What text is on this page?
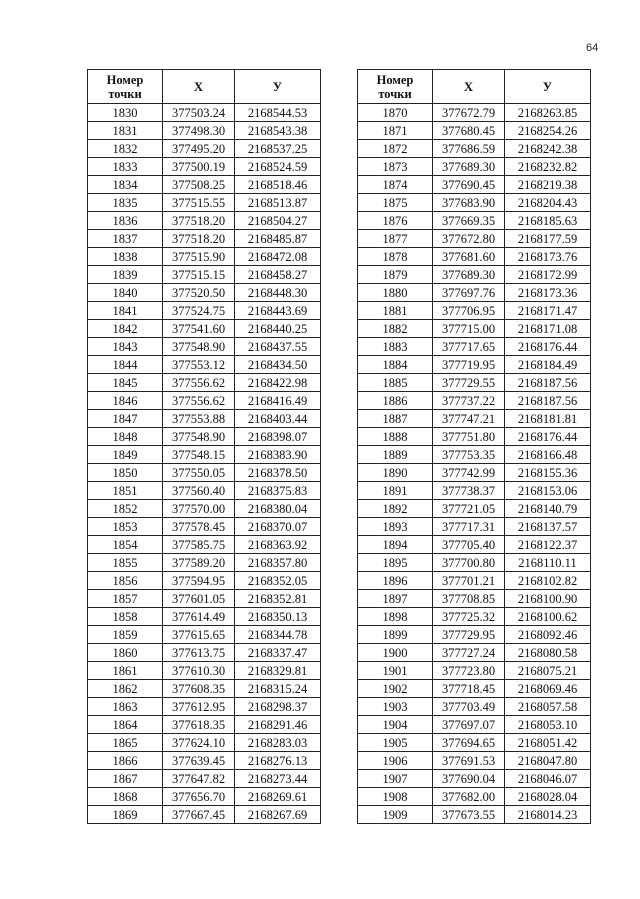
64
Номер
точки	X	У
1830	377503.24	2168544.53
1831	377498.30	2168543.38
1832	377495.20	2168537.25
1833	377500.19	2168524.59
1834	377508.25	2168518.46
1835	377515.55	2168513.87
1836	377518.20	2168504.27
1837	377518.20	2168485.87
1838	377515.90	2168472.08
1839	377515.15	2168458.27
1840	377520.50	2168448.30
1841	377524.75	2168443.69
1842	377541.60	2168440.25
1843	377548.90	2168437.55
1844	377553.12	2168434.50
1845	377556.62	2168422.98
1846	377556.62	2168416.49
1847	377553.88	2168403.44
1848	377548.90	2168398.07
1849	377548.15	2168383.90
1850	377550.05	2168378.50
1851	377560.40	2168375.83
1852	377570.00	2168380.04
1853	377578.45	2168370.07
1854	377585.75	2168363.92
1855	377589.20	2168357.80
1856	377594.95	2168352.05
1857	377601.05	2168352.81
1858	377614.49	2168350.13
1859	377615.65	2168344.78
1860	377613.75	2168337.47
1861	377610.30	2168329.81
1862	377608.35	2168315.24
1863	377612.95	2168298.37
1864	377618.35	2168291.46
1865	377624.10	2168283.03
1866	377639.45	2168276.13
1867	377647.82	2168273.44
1868	377656.70	2168269.61
1869	377667.45	2168267.69
Номер
точки	X	У
1870	377672.79	2168263.85
1871	377680.45	2168254.26
1872	377686.59	2168242.38
1873	377689.30	2168232.82
1874	377690.45	2168219.38
1875	377683.90	2168204.43
1876	377669.35	2168185.63
1877	377672.80	2168177.59
1878	377681.60	2168173.76
1879	377689.30	2168172.99
1880	377697.76	2168173.36
1881	377706.95	2168171.47
1882	377715.00	2168171.08
1883	377717.65	2168176.44
1884	377719.95	2168184.49
1885	377729.55	2168187.56
1886	377737.22	2168187.56
1887	377747.21	2168181.81
1888	377751.80	2168176.44
1889	377753.35	2168166.48
1890	377742.99	2168155.36
1891	377738.37	2168153.06
1892	377721.05	2168140.79
1893	377717.31	2168137.57
1894	377705.40	2168122.37
1895	377700.80	2168110.11
1896	377701.21	2168102.82
1897	377708.85	2168100.90
1898	377725.32	2168100.62
1899	377729.95	2168092.46
1900	377727.24	2168080.58
1901	377723.80	2168075.21
1902	377718.45	2168069.46
1903	377703.49	2168057.58
1904	377697.07	2168053.10
1905	377694.65	2168051.42
1906	377691.53	2168047.80
1907	377690.04	2168046.07
1908	377682.00	2168028.04
1909	377673.55	2168014.23
